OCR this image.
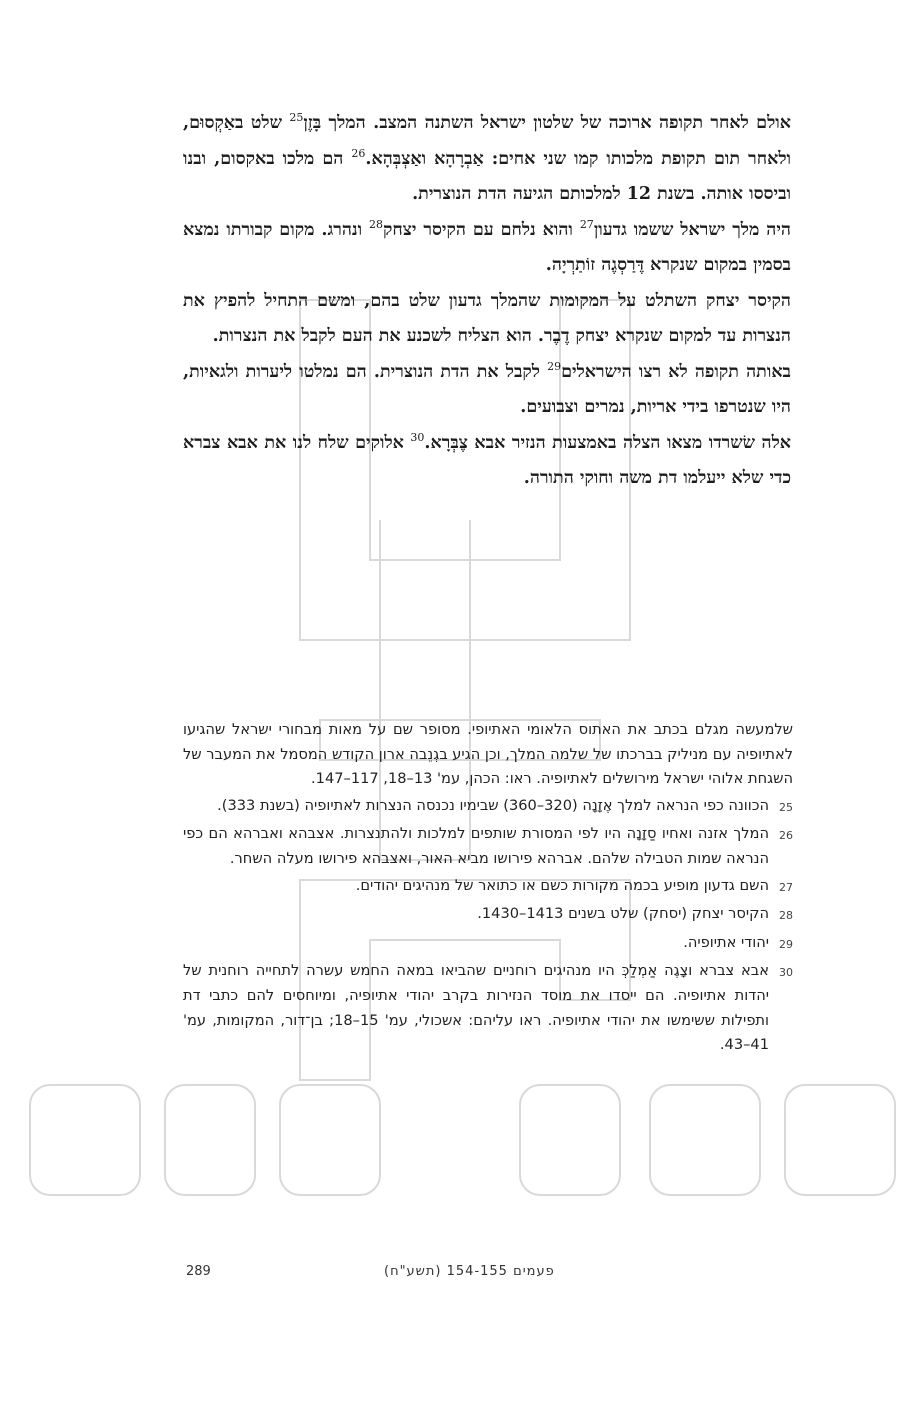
אולם לאחר תקופה ארוכה של שלטון ישראל השתנה המצב. המלך בָּזֶן$^{25}$ שלט באַקְסוּם, ולאחר תום תקופת מלכותו קמו שני אחים: אַבְרָהָא ואַצְבְּהָא.$^{26}$ הם מלכו באקסום, ובנו וביססו אותה. בשנת 12 למלכותם הגיעה הדת הנוצרית.

היה מלך ישראל ששמו גדעון$^{27}$ והוא נלחם עם הקיסר יצחק$^{28}$ ונהרג. מקום קבורתו נמצא בסמין במקום שנקרא דֶּרַסְגֶה זוֹתַרְיָה.

הקיסר יצחק השתלט על המקומות שהמלך גדעון שלט בהם, ומשם התחיל להפיץ את הנצרות עד למקום שנקרא יצחק דֶבֶר. הוא הצליח לשכנע את העם לקבל את הנצרות.

באותה תקופה לא רצו הישראלים$^{29}$ לקבל את הדת הנוצרית. הם נמלטו ליערות ולגאיות, היו שנטרפו בידי אריות, נמרים וצבועים.

אלה שׂשרדו מצאו הצלה באמצעות הנזיר אבא צֶבְּרָא.$^{30}$ אלוקים שלח לנו את אבא צברא כדי שלא ייעלמו דת משה וחוקי התורה.

שלמעשה מגלם בכתב את האתוס הלאומי האתיופי. מסופר שם על מאות מבחורי ישראל שהגיעו לאתיופיה עם מניליק בברכתו של שלמה המלך, וכן הגיע בגְנֵבה ארון הקודש המסמל את המעבר של השגחת אלוהי ישראל מירושלים לאתיופיה. ראו: הכהן, עמ' 13–18, 117–147.

25
הכוונה כפי הנראה למלך אֶזָנָה (320–360) שבימיו נכנסה הנצרות לאתיופיה (בשנת 333).
26
המלך אזנה ואחיו סַזָנָה היו לפי המסורת שותפים למלכות ולהתנצרות. אצבהא ואברהא הם כפי הנראה שמות הטבילה שלהם. אברהא פירושו מביא האור, ואצבהא פירושו מעלה השחר.
27
השם גדעון מופיע בכמה מקורות כשם או כתואר של מנהיגים יהודים.
28
הקיסר יצחק (יסחק) שלט בשנים 1413–1430.
29
יהודי אתיופיה.
30
אבא צברא וצָגֶה אַמְלַכְּ היו מנהיגים רוחניים שהביאו במאה החמש עשרה לתחייה רוחנית של יהדות אתיופיה. הם ייסדו את מוסד הנזירות בקרב יהודי אתיופיה, ומיוחסים להם כתבי דת ותפילות ששימשו את יהודי אתיופיה. ראו עליהם: אשכולי, עמ' 15–18; בן־דור, המקומות, עמ' 41–43.
289	פעמים 154-155 (תשע"ח)
